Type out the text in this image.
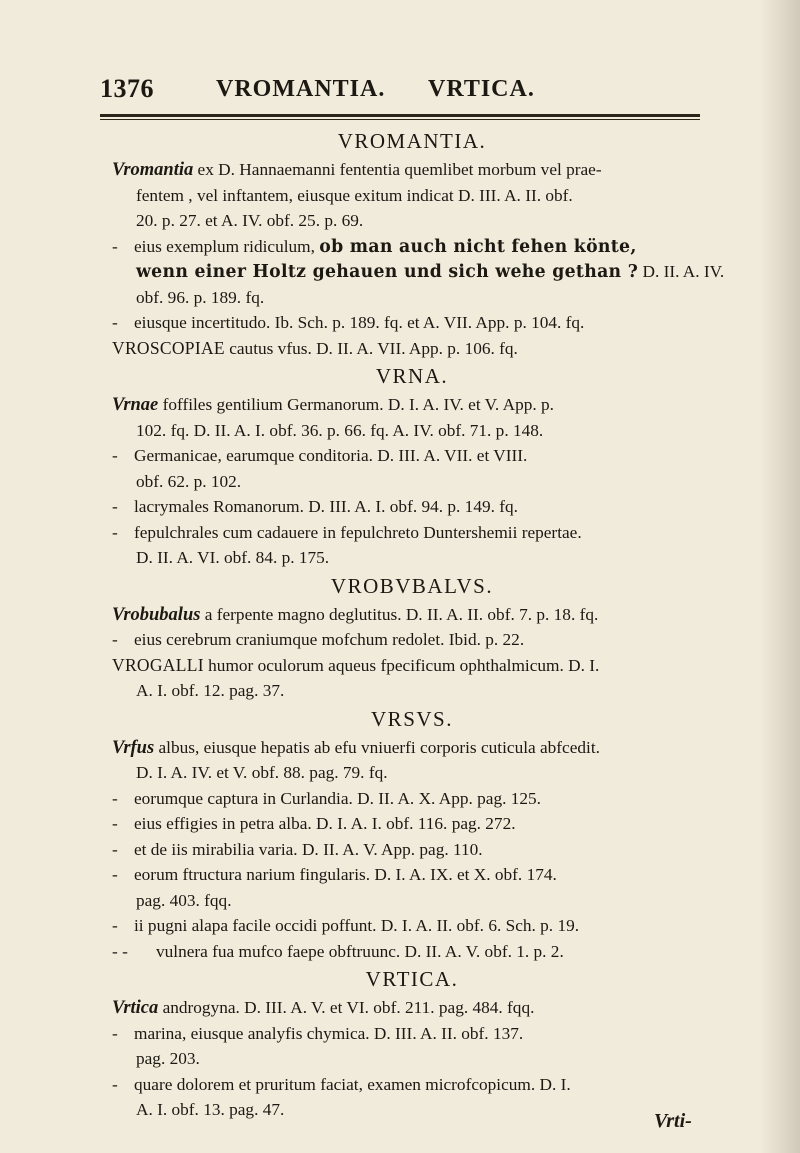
1376	VROMANTIA. VRTICA.
VROMANTIA.
Vromantia ex D. Hannaemanni fententia quemlibet morbum vel prae-
fentem , vel inftantem, eiusque exitum indicat D. III. A. II. obf.
20. p. 27. et A. IV. obf. 25. p. 69.
- eius exemplum ridiculum, ob man auch nicht fehen könte,
wenn einer Holtz gehauen und sich wehe gethan ? D. II. A. IV.
obf. 96. p. 189. fq.
- eiusque incertitudo. Ib. Sch. p. 189. fq. et A. VII. App. p. 104. fq.
VROSCOPIAE cautus vfus. D. II. A. VII. App. p. 106. fq.
VRNA.
Vrnae foffiles gentilium Germanorum. D. I. A. IV. et V. App. p.
102. fq. D. II. A. I. obf. 36. p. 66. fq. A. IV. obf. 71. p. 148.
- Germanicae, earumque conditoria. D. III. A. VII. et VIII.
obf. 62. p. 102.
- lacrymales Romanorum. D. III. A. I. obf. 94. p. 149. fq.
- fepulchrales cum cadauere in fepulchreto Duntershemii repertae.
D. II. A. VI. obf. 84. p. 175.
VROBVBALVS.
Vrobubalus a ferpente magno deglutitus. D. II. A. II. obf. 7. p. 18. fq.
- eius cerebrum craniumque mofchum redolet. Ibid. p. 22.
VROGALLI humor oculorum aqueus fpecificum ophthalmicum. D. I.
A. I. obf. 12. pag. 37.
VRSVS.
Vrfus albus, eiusque hepatis ab efu vniuerfi corporis cuticula abfcedit.
D. I. A. IV. et V. obf. 88. pag. 79. fq.
- eorumque captura in Curlandia. D. II. A. X. App. pag. 125.
- eius effigies in petra alba. D. I. A. I. obf. 116. pag. 272.
- et de iis mirabilia varia. D. II. A. V. App. pag. 110.
- eorum ftructura narium fingularis. D. I. A. IX. et X. obf. 174.
pag. 403. fqq.
- ii pugni alapa facile occidi poffunt. D. I. A. II. obf. 6. Sch. p. 19.
- - vulnera fua mufco faepe obftruunc. D. II. A. V. obf. 1. p. 2.
VRTICA.
Vrtica androgyna. D. III. A. V. et VI. obf. 211. pag. 484. fqq.
- marina, eiusque analyfis chymica. D. III. A. II. obf. 137.
pag. 203.
- quare dolorem et pruritum faciat, examen microfcopicum. D. I.
A. I. obf. 13. pag. 47.
Vrti-
